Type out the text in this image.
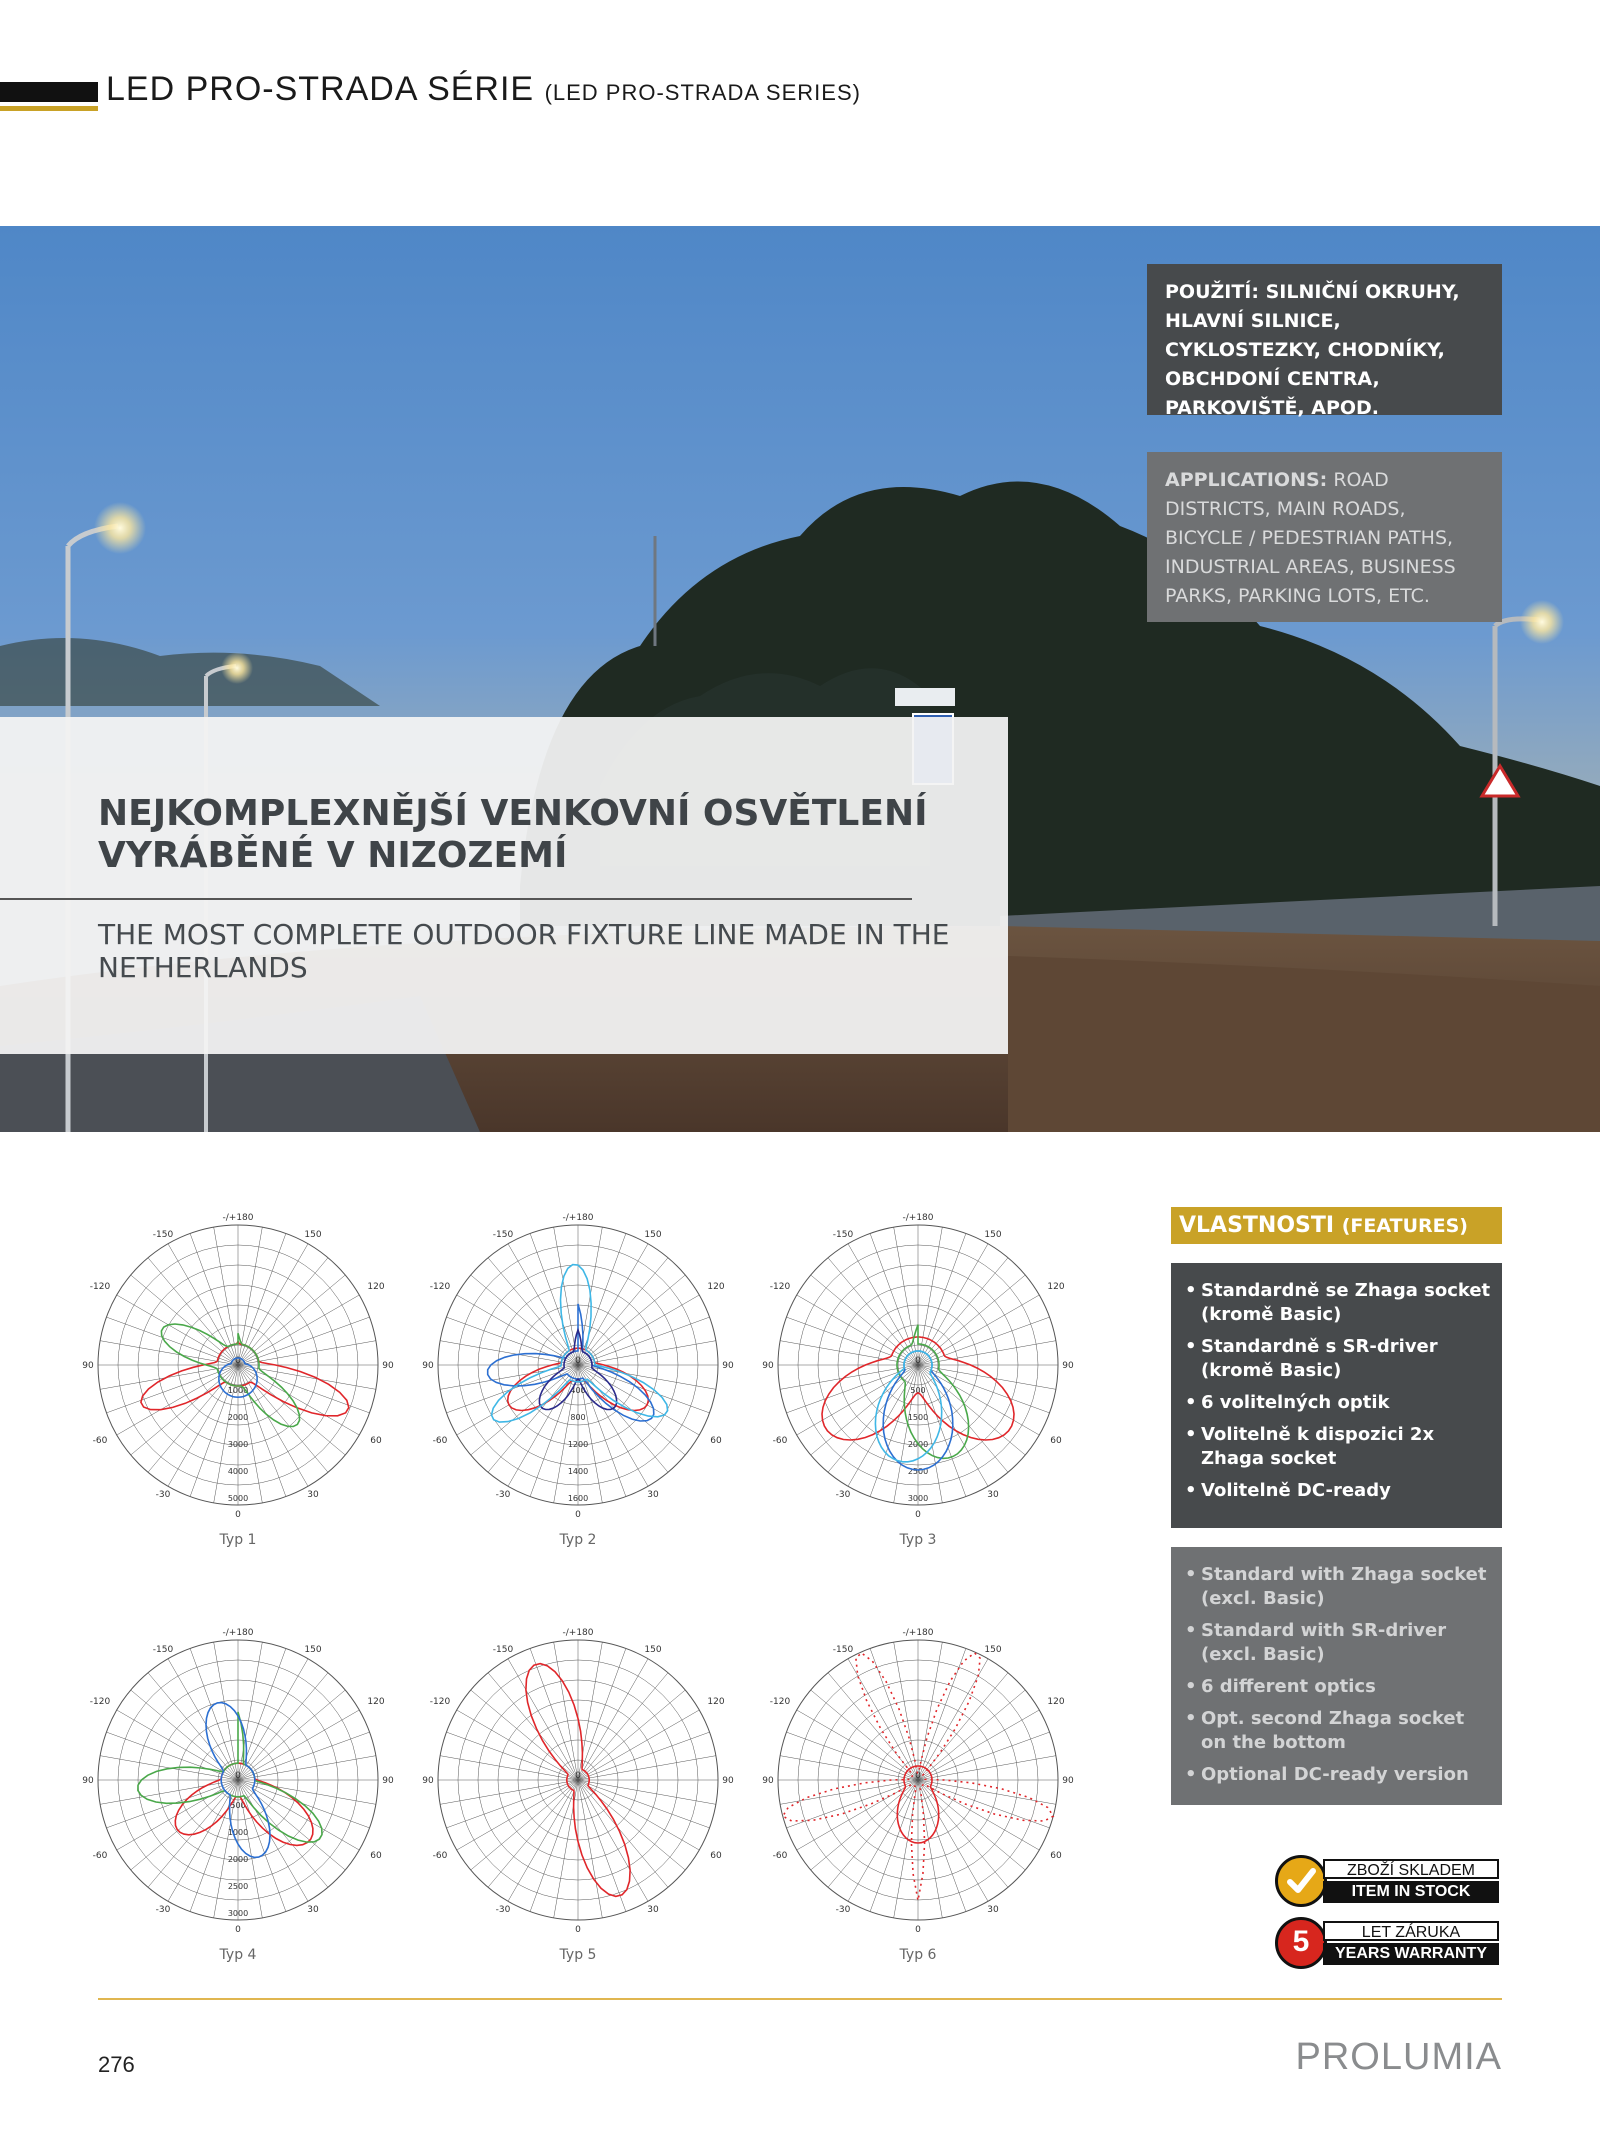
LED PRO-STRADA SÉRIE (LED PRO-STRADA SERIES)
POUŽITÍ: SILNIČNÍ OKRUHY, HLAVNÍ SILNICE, CYKLOSTEZKY, CHODNÍKY, OBCHDONÍ CENTRA, PARKOVIŠTĚ, APOD.
APPLICATIONS: ROAD DISTRICTS, MAIN ROADS, BICYCLE / PEDESTRIAN PATHS, INDUSTRIAL AREAS, BUSINESS PARKS, PARKING LOTS, ETC.
NEJKOMPLEXNĚJŠÍ VENKOVNÍ OSVĚTLENÍ VYRÁBĚNÉ V NIZOZEMÍ
THE MOST COMPLETE OUTDOOR FIXTURE LINE MADE IN THE NETHERLANDS
-/+180
-150	150
-120	120
90	90
-60	60
-30	30
0
0
1000
2000
3000
4000
5000
Typ 1
-/+180
-150	150
-120	120
90	90
-60	60
-30	30
0
0
400
800
1200
1400
1600
Typ 2
-/+180
-150	150
-120	120
90	90
-60	60
-30	30
0
0
500
1500
2000
2500
3000
Typ 3
-/+180
-150	150
-120	120
90	90
-60	60
-30	30
0
0
500
1000
2000
2500
3000
Typ 4
-/+180
-150	150
-120	120
90	90
-60	60
-30	30
0
0
Typ 5
-/+180
-150	150
-120	120
90	90
-60	60
-30	30
0
0
Typ 6
VLASTNOSTI (FEATURES)
• Standardně se Zhaga socket (kromě Basic)
• Standardně s SR-driver (kromě Basic)
• 6 volitelných optik
• Volitelně k dispozici 2x Zhaga socket
• Volitelně DC-ready
• Standard with Zhaga socket (excl. Basic)
• Standard with SR-driver (excl. Basic)
• 6 different optics
• Opt. second Zhaga socket on the bottom
• Optional DC-ready version
ZBOŽÍ SKLADEM
ITEM IN STOCK
5	LET ZÁRUKA
YEARS WARRANTY
276	PROLUMIA
